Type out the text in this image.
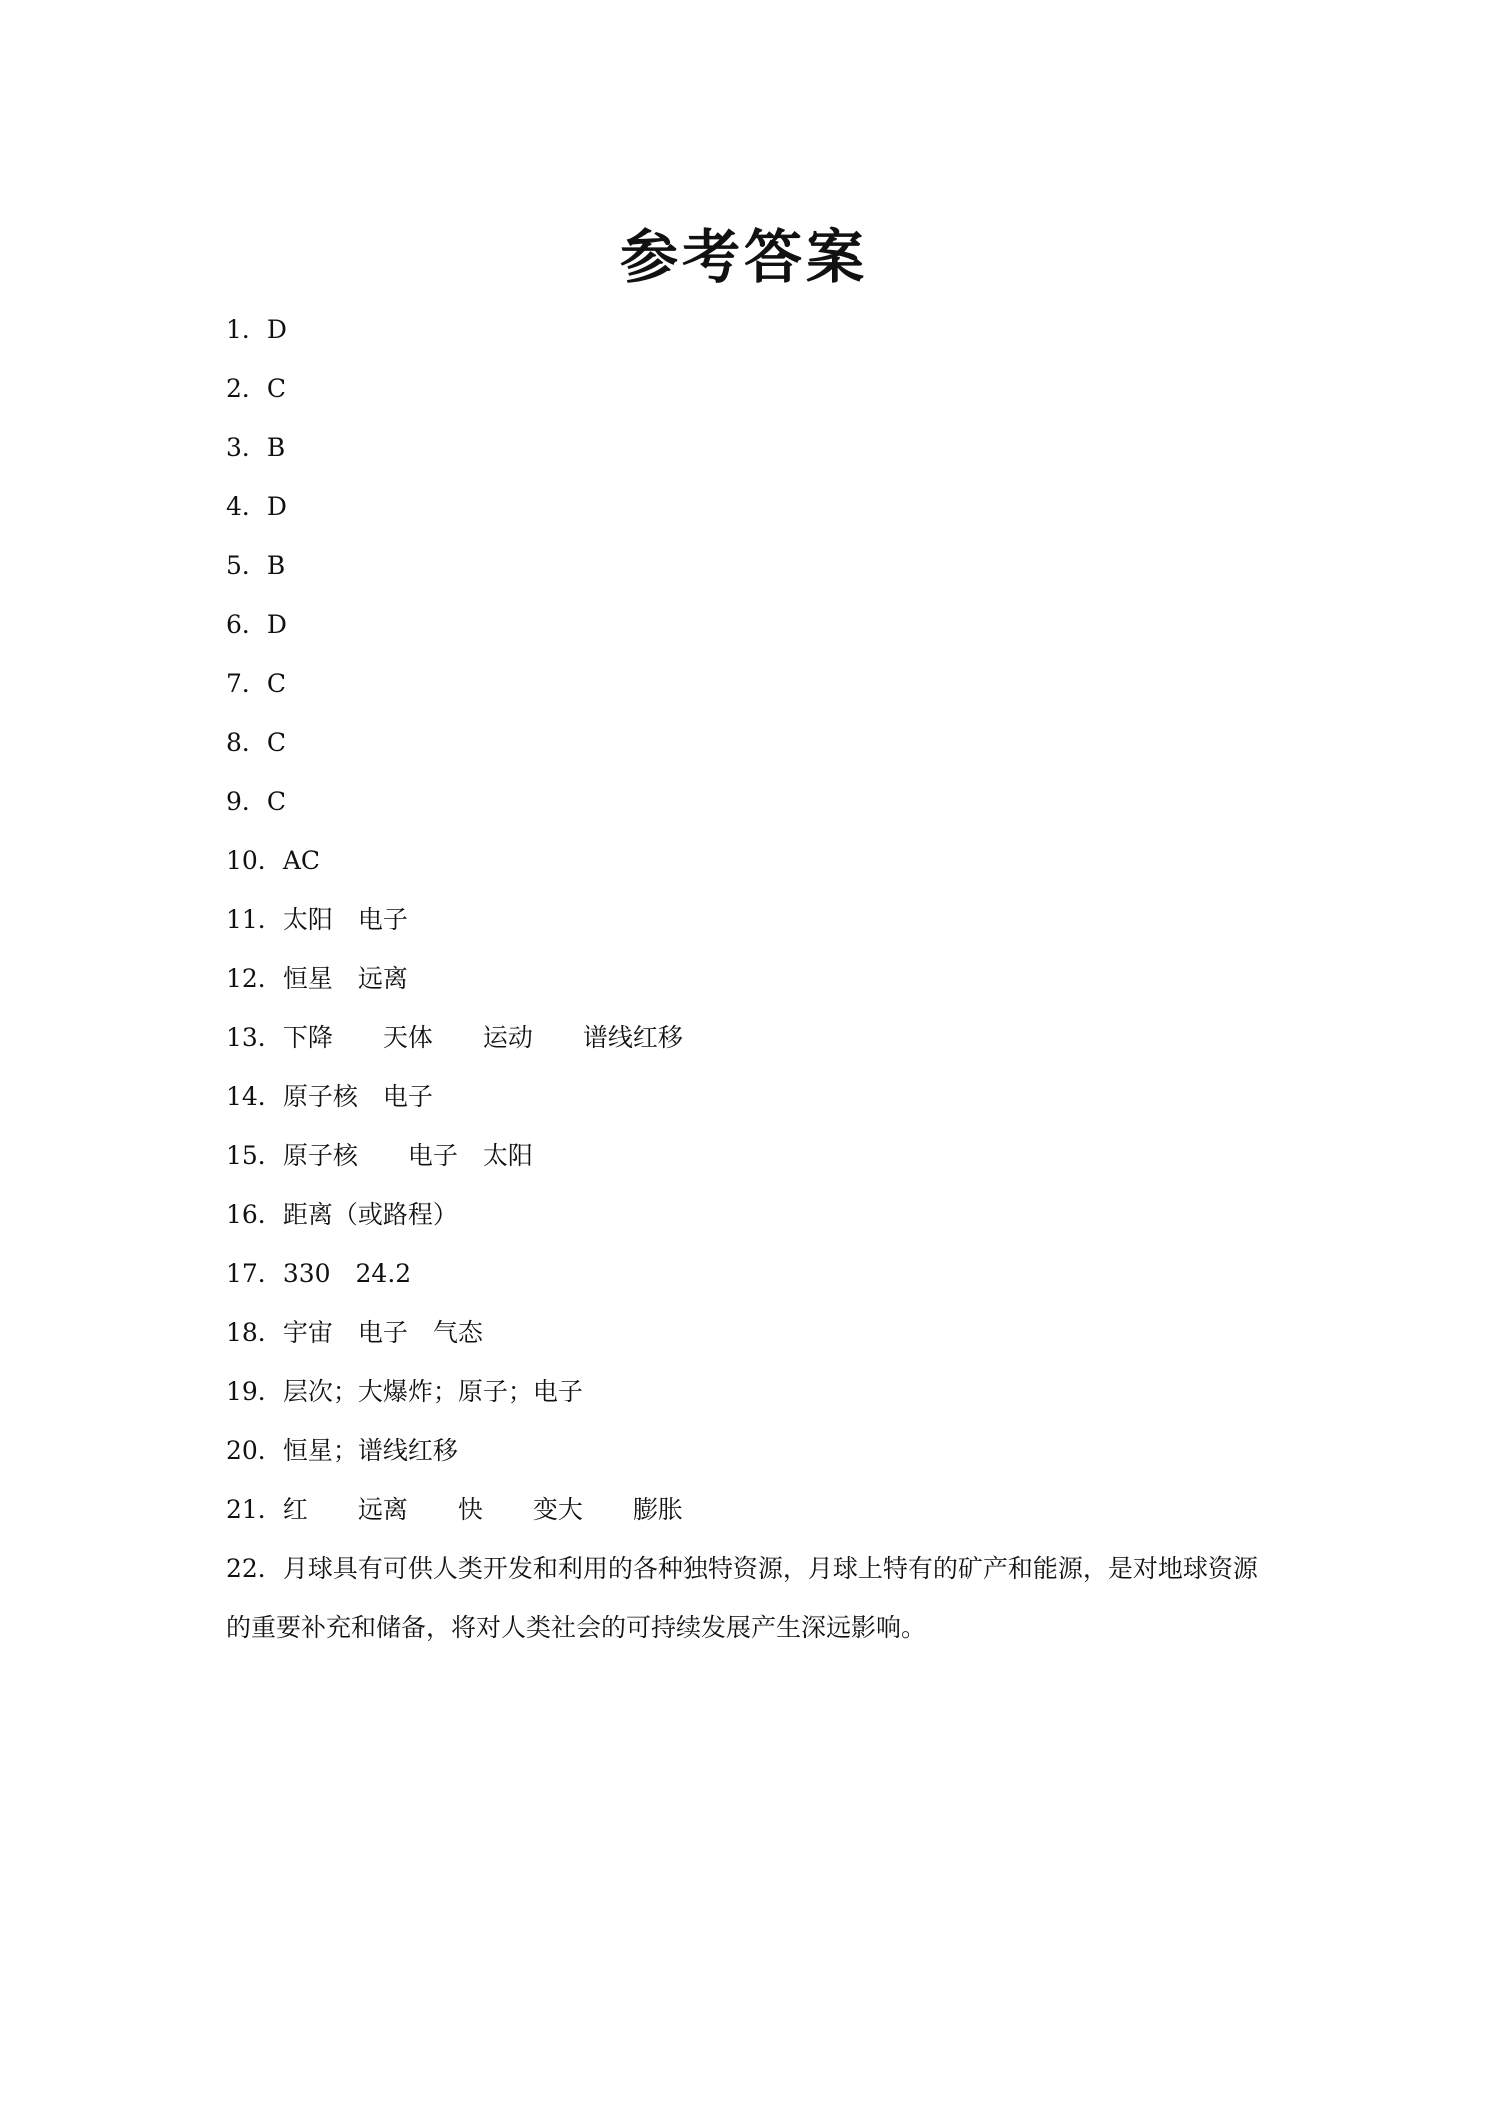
参考答案
1．D
2．C
3．B
4．D
5．B
6．D
7．C
8．C
9．C
10．AC
11．太阳　电子
12．恒星　远离
13．下降　　天体　　运动　　谱线红移
14．原子核　电子
15．原子核　　电子　太阳
16．距离（或路程）
17．330　24.2
18．宇宙　电子　气态
19．层次；大爆炸；原子；电子
20．恒星；谱线红移
21．红　　远离　　快　　变大　　膨胀
22．月球具有可供人类开发和利用的各种独特资源，月球上特有的矿产和能源，是对地球资源的重要补充和储备，将对人类社会的可持续发展产生深远影响。
